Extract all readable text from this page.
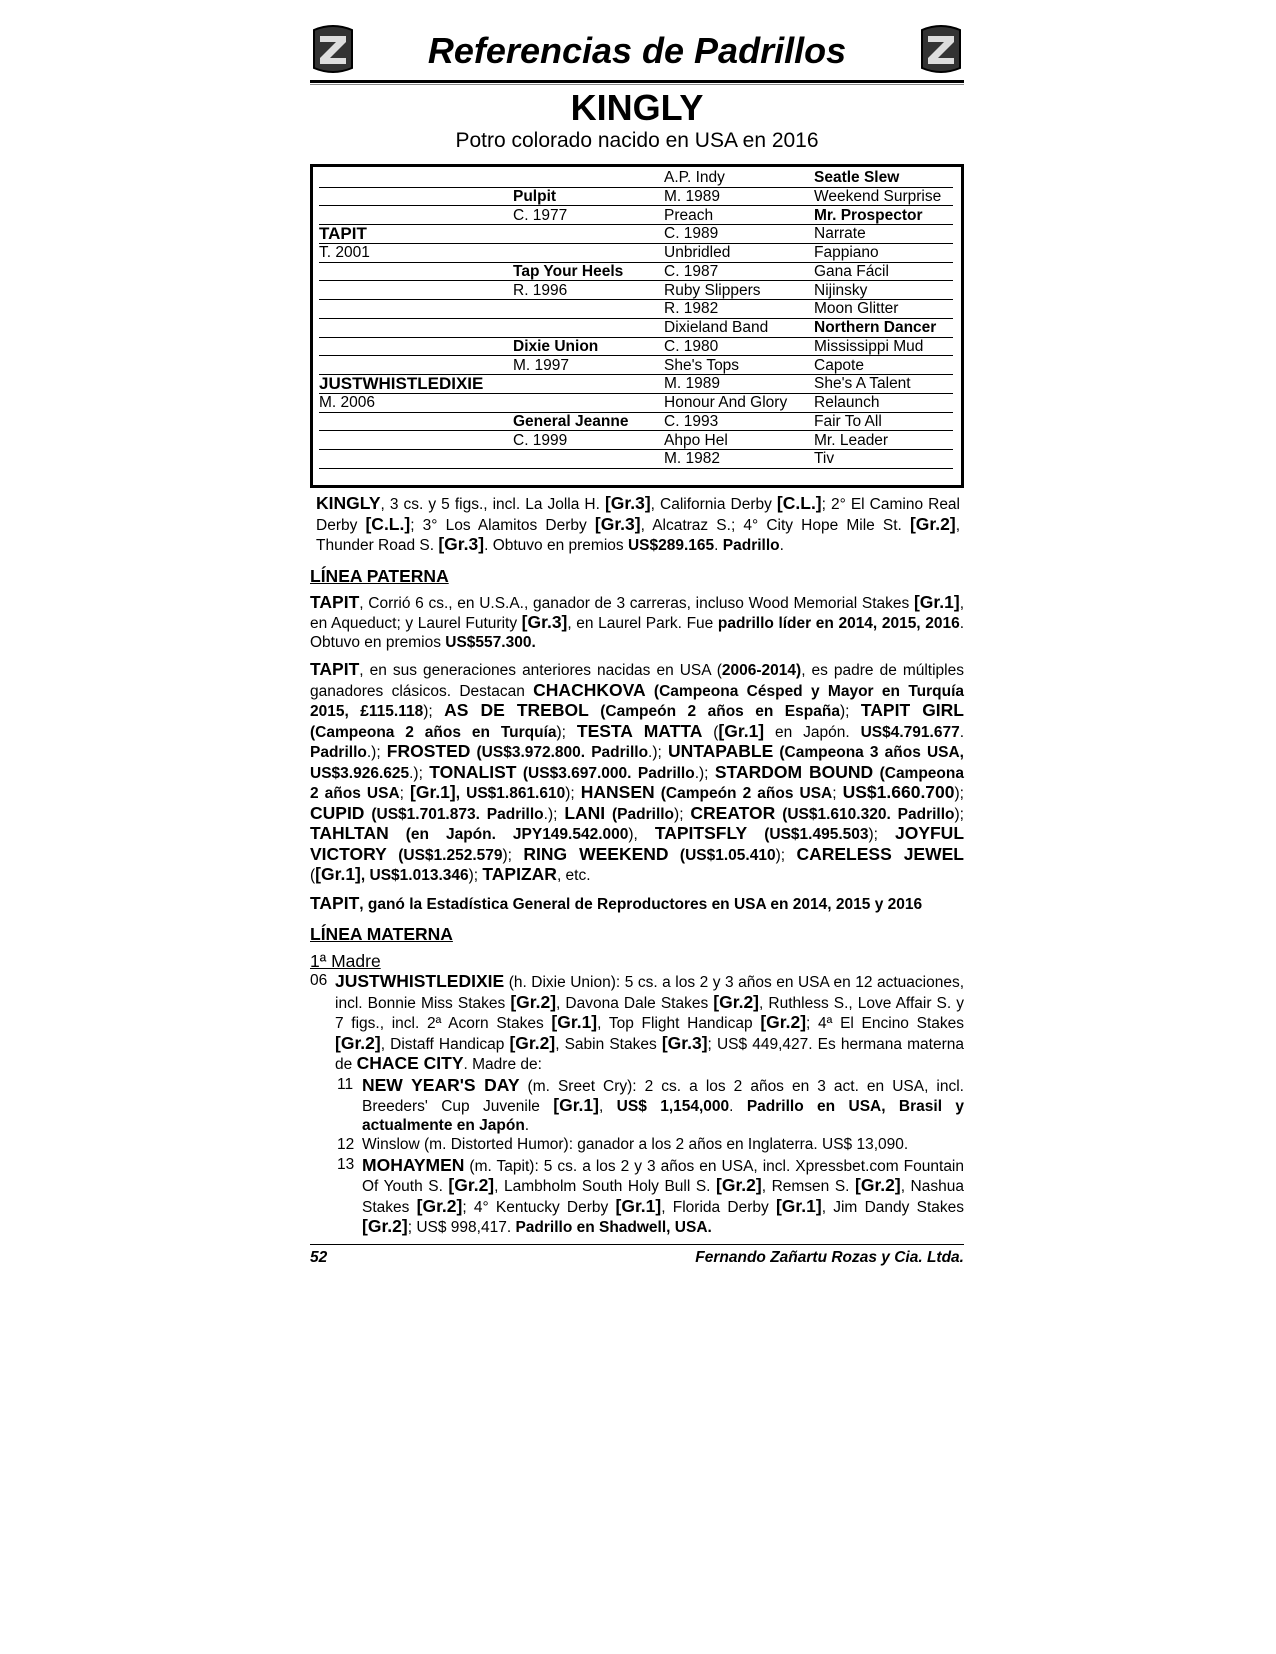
Referencias de Padrillos
KINGLY
Potro colorado nacido en USA en 2016
TAPIT
T. 2001
JUSTWHISTLEDIXIE
M. 2006
Pulpit
C. 1977
Tap Your Heels
R. 1996
Dixie Union
M. 1997
General Jeanne
C. 1999
A.P. Indy
M. 1989
Preach
C. 1989
Unbridled
C. 1987
Ruby Slippers
R. 1982
Dixieland Band
C. 1980
She's Tops
M. 1989
Honour And Glory
C. 1993
Ahpo Hel
M. 1982
Seatle Slew
Weekend Surprise
Mr. Prospector
Narrate
Fappiano
Gana Fácil
Nijinsky
Moon Glitter
Northern Dancer
Mississippi Mud
Capote
She's A Talent
Relaunch
Fair To All
Mr. Leader
Tiv

KINGLY, 3 cs. y 5 figs., incl. La Jolla H. [Gr.3], California Derby [C.L.]; 2° El Camino Real Derby [C.L.]; 3° Los Alamitos Derby [Gr.3], Alcatraz S.; 4° City Hope Mile St. [Gr.2], Thunder Road S. [Gr.3]. Obtuvo en premios US$289.165. Padrillo.

LÍNEA PATERNA

TAPIT, Corrió 6 cs., en U.S.A., ganador de 3 carreras, incluso Wood Memorial Stakes [Gr.1], en Aqueduct; y Laurel Futurity [Gr.3], en Laurel Park. Fue padrillo líder en 2014, 2015, 2016. Obtuvo en premios US$557.300.

TAPIT, en sus generaciones anteriores nacidas en USA (2006-2014), es padre de múltiples ganadores clásicos. Destacan CHACHKOVA (Campeona Césped y Mayor en Turquía 2015, £115.118); AS DE TREBOL (Campeón 2 años en España); TAPIT GIRL (Campeona 2 años en Turquía); TESTA MATTA ([Gr.1] en Japón. US$4.791.677. Padrillo.); FROSTED (US$3.972.800. Padrillo.); UNTAPABLE (Campeona 3 años USA, US$3.926.625.); TONALIST (US$3.697.000. Padrillo.); STARDOM BOUND (Campeona 2 años USA; [Gr.1], US$1.861.610); HANSEN (Campeón 2 años USA; US$1.660.700); CUPID (US$1.701.873. Padrillo.); LANI (Padrillo); CREATOR (US$1.610.320. Padrillo); TAHLTAN (en Japón. JPY149.542.000), TAPITSFLY (US$1.495.503); JOYFUL VICTORY (US$1.252.579); RING WEEKEND (US$1.05.410); CARELESS JEWEL ([Gr.1], US$1.013.346); TAPIZAR, etc.

TAPIT, ganó la Estadística General de Reproductores en USA en 2014, 2015 y 2016

LÍNEA MATERNA
1ª Madre

06 JUSTWHISTLEDIXIE (h. Dixie Union): 5 cs. a los 2 y 3 años en USA en 12 actuaciones, incl. Bonnie Miss Stakes [Gr.2], Davona Dale Stakes [Gr.2], Ruthless S., Love Affair S. y 7 figs., incl. 2ª Acorn Stakes [Gr.1], Top Flight Handicap [Gr.2]; 4ª El Encino Stakes [Gr.2], Distaff Handicap [Gr.2], Sabin Stakes [Gr.3]; US$ 449,427. Es hermana materna de CHACE CITY. Madre de:

11 NEW YEAR'S DAY (m. Sreet Cry): 2 cs. a los 2 años en 3 act. en USA, incl. Breeders' Cup Juvenile [Gr.1], US$ 1,154,000. Padrillo en USA, Brasil y actualmente en Japón.

12 Winslow (m. Distorted Humor): ganador a los 2 años en Inglaterra. US$ 13,090.

13 MOHAYMEN (m. Tapit): 5 cs. a los 2 y 3 años en USA, incl. Xpressbet.com Fountain Of Youth S. [Gr.2], Lambholm South Holy Bull S. [Gr.2], Remsen S. [Gr.2], Nashua Stakes [Gr.2]; 4° Kentucky Derby [Gr.1], Florida Derby [Gr.1], Jim Dandy Stakes [Gr.2]; US$ 998,417. Padrillo en Shadwell, USA.

52	Fernando Zañartu Rozas y Cia. Ltda.
